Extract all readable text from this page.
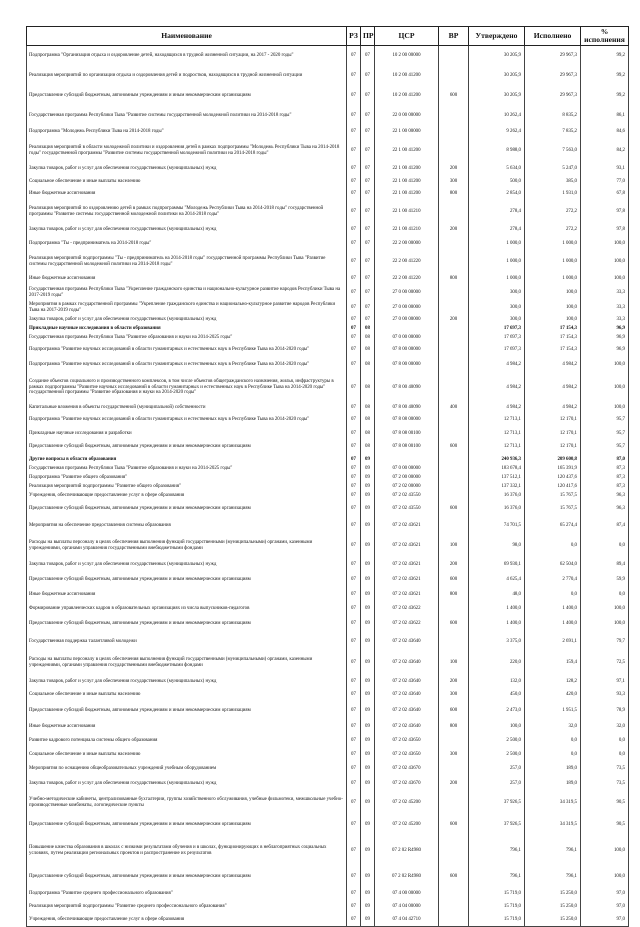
Наименование	РЗ	ПР	ЦСР	ВР	Утверждено	Исполнено	% исполнения
Подпрограмма "Организация отдыха и оздоровление детей, находящихся в трудной жизненной ситуации, на 2017 - 2020 годы"	07	07	10 2 00 00000		30 205,9	29 967,3	99,2
Реализация мероприятий по организации отдыха и оздоровления детей и подростков, находящихся в трудной жизненной ситуации	07	07	10 2 00 41200		30 205,9	29 967,3	99,2
Предоставление субсидий бюджетным, автономным учреждениям и иным некоммерческим организациям	07	07	10 2 00 41200	600	30 205,9	29 967,3	99,2
Государственная программа Республики Тыва "Развитие системы государственной молодежной политики на 2014-2018 годы"	07	07	22 0 00 00000		10 262,4	8 835,2	86,1
Подпрограмма "Молодежь Республики Тыва на 2014-2018 годы"	07	07	22 1 00 00000		9 262,4	7 835,2	84,6
Реализация мероприятий в области молодежной политики и оздоровления детей в рамках подпрограммы "Молодежь Республики Тыва на 2014-2018 годы" государственной программы "Развитие системы государственной молодежной политики на 2014-2018 годы"	07	07	22 1 00 41200		8 988,0	7 563,0	84,2
Закупка товаров, работ и услуг для обеспечения государственных (муниципальных) нужд	07	07	22 1 00 41200	200	5 634,0	5 247,0	93,1
Социальное обеспечение и иные выплаты населению	07	07	22 1 00 41200	300	500,0	385,0	77,0
Иные бюджетные ассигнования	07	07	22 1 00 41200	800	2 854,0	1 931,0	67,8
Реализация мероприятий по оздоровлению детей в рамках подпрограммы "Молодежь Республики Тыва на 2014-2018 годы" государственной программы "Развитие системы государственной молодежной политики на 2014-2018 годы"	07	07	22 1 00 41210		278,4	272,2	97,8
Закупка товаров, работ и услуг для обеспечения государственных (муниципальных) нужд	07	07	22 1 00 41210	200	278,4	272,2	97,8
Подпрограмма "Ты - предприниматель на 2014-2018 годы"	07	07	22 2 00 00000		1 000,0	1 000,0	100,0
Реализация мероприятий подпрограммы "Ты - предприниматель на 2014-2018 годы" государственной программы Республики Тыва "Развитие системы государственной молодежной политики на 2014-2018 годы"	07	07	22 2 00 41220		1 000,0	1 000,0	100,0
Иные бюджетные ассигнования	07	07	22 2 00 41220	800	1 000,0	1 000,0	100,0
Государственная программа Республики Тыва "Укрепление гражданского единства и национально-культурное развитие народов Республики Тыва на 2017-2019 годы"	07	07	27 0 00 00000		300,0	100,0	33,3
Мероприятия в рамках государственной программы "Укрепление гражданского единства и национально-культурное развитие народов Республики Тыва на 2017-2019 годы"	07	07	27 0 00 00000		300,0	100,0	33,3
Закупка товаров, работ и услуг для обеспечения государственных (муниципальных) нужд	07	07	27 0 00 00000	200	300,0	100,0	33,3
Прикладные научные исследования в области образования	07	08			17 697,3	17 154,3	96,9
Государственная программа Республики Тыва "Развитие образования и науки на 2014-2025 годы"	07	08	07 0 00 00000		17 697,3	17 154,3	96,9
Подпрограмма "Развитие научных исследований в области гуманитарных и естественных наук в Республике Тыва на 2014-2020 годы"	07	08	07 8 00 00000		17 697,3	17 154,3	96,9
Подпрограмма "Развитие научных исследований в области гуманитарных и естественных наук в Республике Тыва на 2014-2020 годы"	07	08	07 8 00 00000		4 984,2	4 984,2	100,0
Создание объектов социального и производственного комплексов, в том числе объектов общегражданского назначения, жилья, инфраструктуры в рамках подпрограммы "Развитие научных исследований в области гуманитарных и естественных наук в Республике Тыва на 2014-2020 годы" государственной программы "Развитие образования и науки на 2014-2020 годы"	07	08	07 8 00 40090		4 984,2	4 984,2	100,0
Капитальные вложения в объекты государственной (муниципальной) собственности	07	08	07 8 00 40090	400	4 984,2	4 984,2	100,0
Подпрограмма "Развитие научных исследований в области гуманитарных и естественных наук в Республике Тыва на 2014-2020 годы"	07	08	07 8 08 00000		12 713,1	12 170,1	95,7
Прикладные научные исследования и разработки	07	08	07 8 08 00100		12 713,1	12 170,1	95,7
Предоставление субсидий бюджетным, автономным учреждениям и иным некоммерческим организациям	07	08	07 8 08 00100	600	12 713,1	12 170,1	95,7
Другие вопросы в области образования	07	09			240 936,3	209 600,8	87,0
Государственная программа Республики Тыва "Развитие образования и науки на 2014-2025 годы"	07	09	07 0 00 00000		183 678,4	165 391,9	87,3
Подпрограмма "Развитие общего образования"	07	09	07 2 00 00000		137 512,1	120 437,6	87,3
Реализация мероприятий подпрограммы "Развитие общего образования"	07	09	07 2 02 00000		137 332,1	120 417,6	87,3
Учреждения, обеспечивающие предоставление услуг в сфере образования	07	09	07 2 02 43550		16 376,0	15 767,5	96,3
Предоставление субсидий бюджетным, автономным учреждениям и иным некоммерческим организациям	07	09	07 2 02 43550	600	16 376,0	15 767,5	96,3
Мероприятия на обеспечение предоставления системы образования	07	09	07 2 02 43621		74 701,5	65 274,4	87,4
Расходы на выплаты персоналу в целях обеспечения выполнения функций государственными (муниципальными) органами, казенными учреждениями, органами управления государственными внебюджетными фондами	07	09	07 2 02 43621	100	98,0	0,0	0,0
Закупка товаров, работ и услуг для обеспечения государственных (муниципальных) нужд	07	09	07 2 02 43621	200	69 930,1	62 504,0	89,4
Предоставление субсидий бюджетным, автономным учреждениям и иным некоммерческим организациям	07	09	07 2 02 43621	600	4 625,4	2 770,4	59,9
Иные бюджетные ассигнования	07	09	07 2 02 43621	800	48,0	0,0	0,0
Формирование управленческих кадров в образовательных организациях из числа выпускников-педагогов	07	09	07 2 02 43622		1 400,0	1 400,0	100,0
Предоставление субсидий бюджетным, автономным учреждениям и иным некоммерческим организациям	07	09	07 2 02 43622	600	1 400,0	1 400,0	100,0
Государственная поддержка талантливой молодежи	07	09	07 2 02 43640		3 375,0	2 691,1	79,7
Расходы на выплаты персоналу в целях обеспечения выполнения функций государственными (муниципальными) органами, казенными учреждениями, органами управления государственными внебюджетными фондами	07	09	07 2 02 43640	100	220,0	159,4	72,5
Закупка товаров, работ и услуг для обеспечения государственных (муниципальных) нужд	07	09	07 2 02 43640	200	132,0	128,2	97,1
Социальное обеспечение и иные выплаты населению	07	09	07 2 02 43640	300	450,0	420,0	93,3
Предоставление субсидий бюджетным, автономным учреждениям и иным некоммерческим организациям	07	09	07 2 02 43640	600	2 473,0	1 951,5	78,9
Иные бюджетные ассигнования	07	09	07 2 02 43640	800	100,0	32,0	32,0
Развитие кадрового потенциала системы общего образования	07	09	07 2 02 43650		2 500,0	0,0	0,0
Социальное обеспечение и иные выплаты населению	07	09	07 2 02 43650	300	2 500,0	0,0	0,0
Мероприятия по оснащению общеобразовательных учреждений учебным оборудованием	07	09	07 2 02 43670		257,0	189,0	73,5
Закупка товаров, работ и услуг для обеспечения государственных (муниципальных) нужд	07	09	07 2 02 43670	200	257,0	189,0	73,5
Учебно-методические кабинеты, централизованные бухгалтерии, группы хозяйственного обслуживания, учебные фильмотеки, межшкольные учебно-производственные комбинаты, логопедические пункты	07	09	07 2 02 45200		37 926,5	34 319,5	90,5
Предоставление субсидий бюджетным, автономным учреждениям и иным некоммерческим организациям	07	09	07 2 02 45200	600	37 926,5	34 319,5	90,5
Повышение качества образования в школах с низкими результатами обучения и в школах, функционирующих в неблагоприятных социальных условиях, путем реализации региональных проектов и распространение их результатов	07	09	07 2 02 R4980		796,1	796,1	100,0
Предоставление субсидий бюджетным, автономным учреждениям и иным некоммерческим организациям	07	09	07 2 02 R4980	600	796,1	796,1	100,0
Подпрограмма "Развитие среднего профессионального образования"	07	09	07 4 00 00000		15 719,0	15 250,0	97,0
Реализация мероприятий подпрограммы "Развитие среднего профессионального образования"	07	09	07 4 04 00000		15 719,0	15 250,0	97,0
Учреждения, обеспечивающие предоставление услуг в сфере образования	07	09	07 4 04 42710		15 719,0	15 250,0	97,0
